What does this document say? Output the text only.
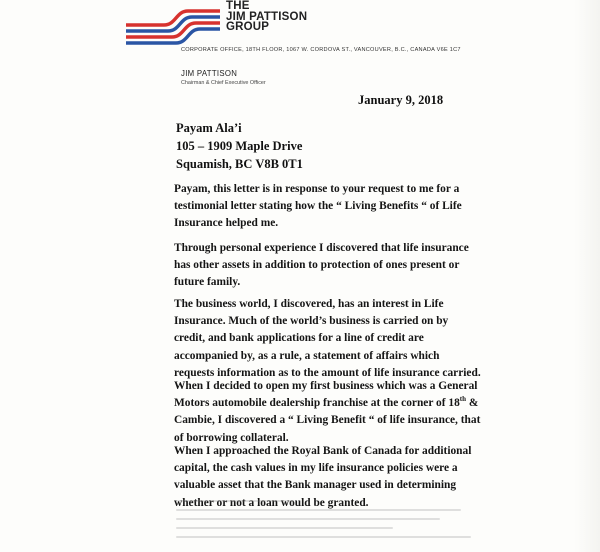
THE
JIM PATTISON
GROUP
CORPORATE OFFICE, 18TH FLOOR, 1067 W. CORDOVA ST., VANCOUVER, B.C., CANADA V6E 1C7
JIM PATTISON
Chairman & Chief Executive Officer
January 9, 2018
Payam Ala’i
105 – 1909 Maple Drive
Squamish, BC V8B 0T1
Payam, this letter is in response to your request to me for a
testimonial letter stating how the “ Living Benefits “ of Life
Insurance helped me.
Through personal experience I discovered that life insurance
has other assets in addition to protection of ones present or
future family.
The business world, I discovered, has an interest in Life
Insurance. Much of the world’s business is carried on by
credit, and bank applications for a line of credit are
accompanied by, as a rule, a statement of affairs which
requests information as to the amount of life insurance carried.
When I decided to open my first business which was a General
Motors automobile dealership franchise at the corner of 18th &
Cambie, I discovered a “ Living Benefit “ of life insurance, that
of borrowing collateral.
When I approached the Royal Bank of Canada for additional
capital, the cash values in my life insurance policies were a
valuable asset that the Bank manager used in determining
whether or not a loan would be granted.
